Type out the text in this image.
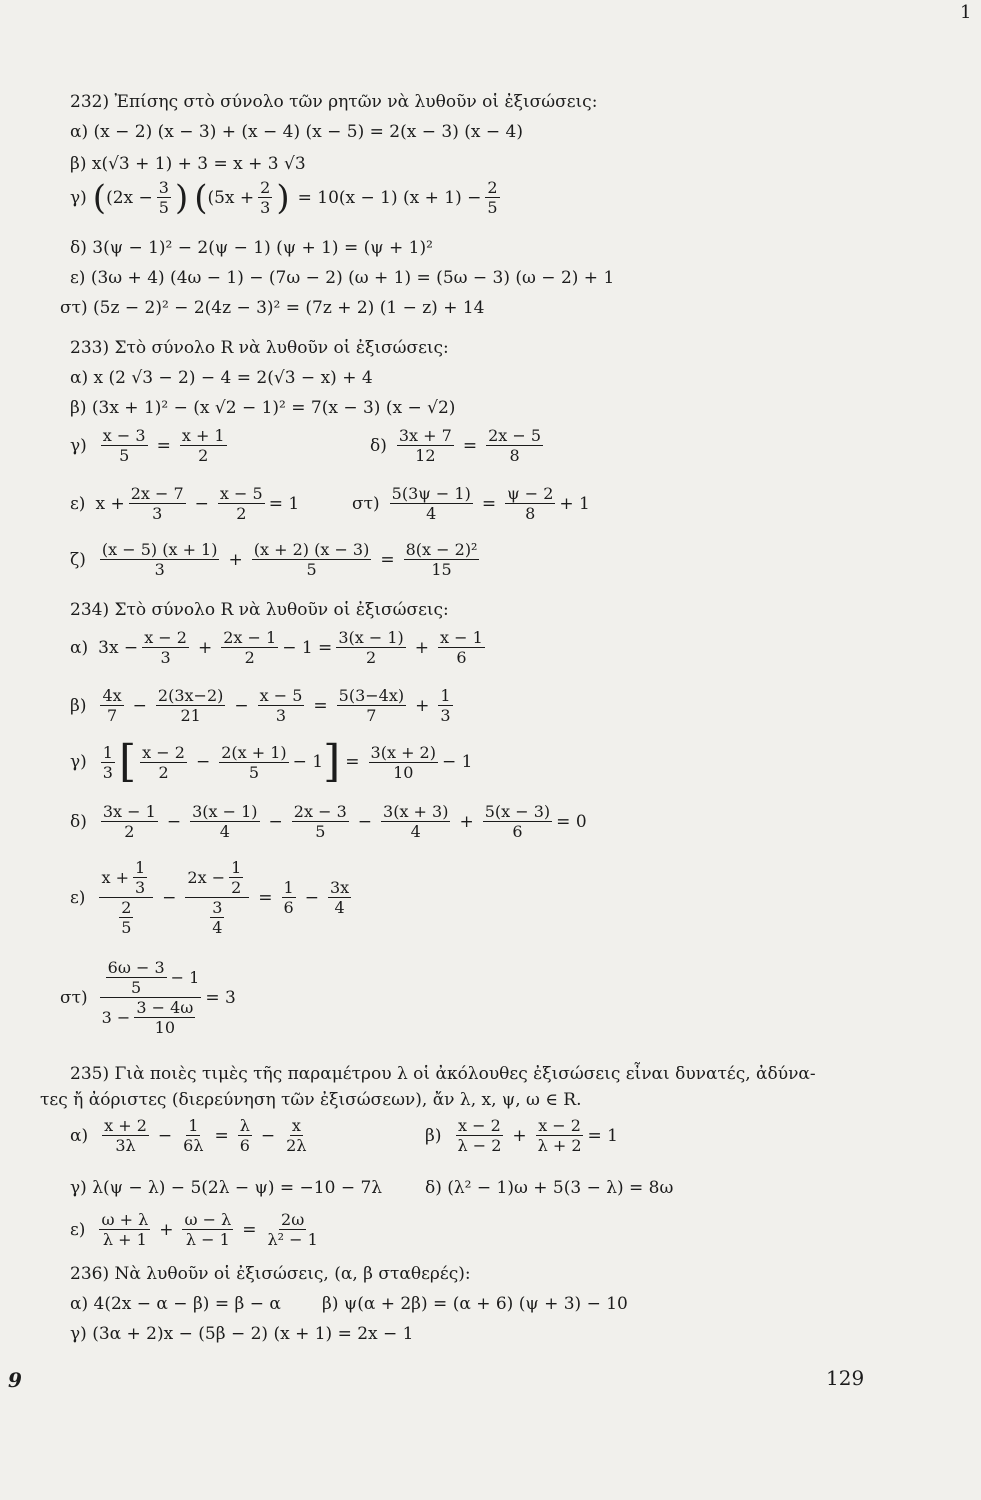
1
232) Ἐπίσης στὸ σύνολο τῶν ρητῶν νὰ λυθοῦν οἱ ἐξισώσεις:
α) (x − 2) (x − 3) + (x − 4) (x − 5) = 2(x − 3) (x − 4)
β) x(√3 + 1) + 3 = x + 3 √3
γ) ( ($2x - \frac{3}{5}$ ) ( ($5x + \frac{2}{3}$ ) = 10(x − 1) $(x + 1) - \frac{2}{5}$
δ) 3(ψ − 1)² − 2(ψ − 1) (ψ + 1) = (ψ + 1)²
ε) (3ω + 4) (4ω − 1) − (7ω − 2) (ω + 1) = (5ω − 3) (ω − 2) + 1
στ) (5z − 2)² − 2(4z − 3)² = (7z + 2) (1 − z) + 14
233) Στὸ σύνολο R νὰ λυθοῦν οἱ ἐξισώσεις:
α) x (2 √3 − 2) − 4 = 2(√3 − x) + 4
β) (3x + 1)² − (x √2 − 1)² = 7(x − 3) (x − √2)
$\gamma) \frac{x - 3}{5} = \frac{x + 1}{2}$	$\delta) \frac{3x + 7}{12} = \frac{2x - 5}{8}$
ε) $x + \frac{2x - 7}{3} - \frac{x - 5}{2} = 1$	$\sigma\tau) \frac{5(3\psi - 1)}{4} = \frac{\psi - 2}{8} + 1$
$\zeta) \frac{(x - 5) (x + 1)}{3} + \frac{(x + 2) (x - 3)}{5} = \frac{\text{8(x − 2)²}}{15}$
234) Στὸ σύνολο R νὰ λυθοῦν οἱ ἐξισώσεις:
α) $3x - \frac{x - 2}{3} + \frac{2x - 1}{2} - 1 = \frac{3(x - 1)}{2} + \frac{x - 1}{6}$
$\beta) \frac{4x}{7} - \frac{2(3x-2)}{21} - \frac{x - 5}{3} = \frac{5(3-4x)}{7} + \frac{1}{3}$
$\gamma) \frac{1}{3}$ [ $\frac{x - 2}{2} - \frac{2(x + 1)}{5} - 1$ ] = $\frac{3(x + 2)}{10} - 1$
$\delta) \frac{3x - 1}{2} - \frac{3(x - 1)}{4} - \frac{2x - 3}{5} - \frac{3(x + 3)}{4} + \frac{5(x - 3)}{6} = 0$
$\varepsilon) \frac{x + \frac{1}{3}}{\frac{2}{5}} - \frac{2x - \frac{1}{2}}{\frac{3}{4}} = \frac{1}{6} - \frac{3x}{4}$
$\sigma\tau) \frac{\frac{6\omega - 3}{5} - 1}{3 - \frac{3 - 4\omega}{10}} = 3$
235) Γιὰ ποιὲς τιμὲς τῆς παραμέτρου λ οἱ ἀκόλουθες ἐξισώσεις εἶναι δυνατές, ἀδύνα-
τες ἤ ἀόριστες (διερεύνηση τῶν ἐξισώσεων), ἄν λ, x, ψ, ω ∈ R.
$\alpha) \frac{x + 2}{3\lambda} - \frac{1}{6\lambda} = \frac{\lambda}{6} - \frac{x}{2\lambda}$	$\beta) \frac{x - 2}{\lambda - 2} + \frac{x - 2}{\lambda + 2} = 1$
γ) λ(ψ − λ) − 5(2λ − ψ) = −10 − 7λ	δ) (λ² − 1)ω + 5(3 − λ) = 8ω
$\varepsilon) \frac{\omega + \lambda}{\lambda + 1} + \frac{\omega - \lambda}{\lambda - 1} = \frac{2\omega}{\text{λ² − 1}}$
236) Νὰ λυθοῦν οἱ ἐξισώσεις, (α, β σταθερές):
α) 4(2x − α − β) = β − α β) ψ(α + 2β) = (α + 6) (ψ + 3) − 10
γ) (3α + 2)x − (5β − 2) (x + 1) = 2x − 1
9	129
